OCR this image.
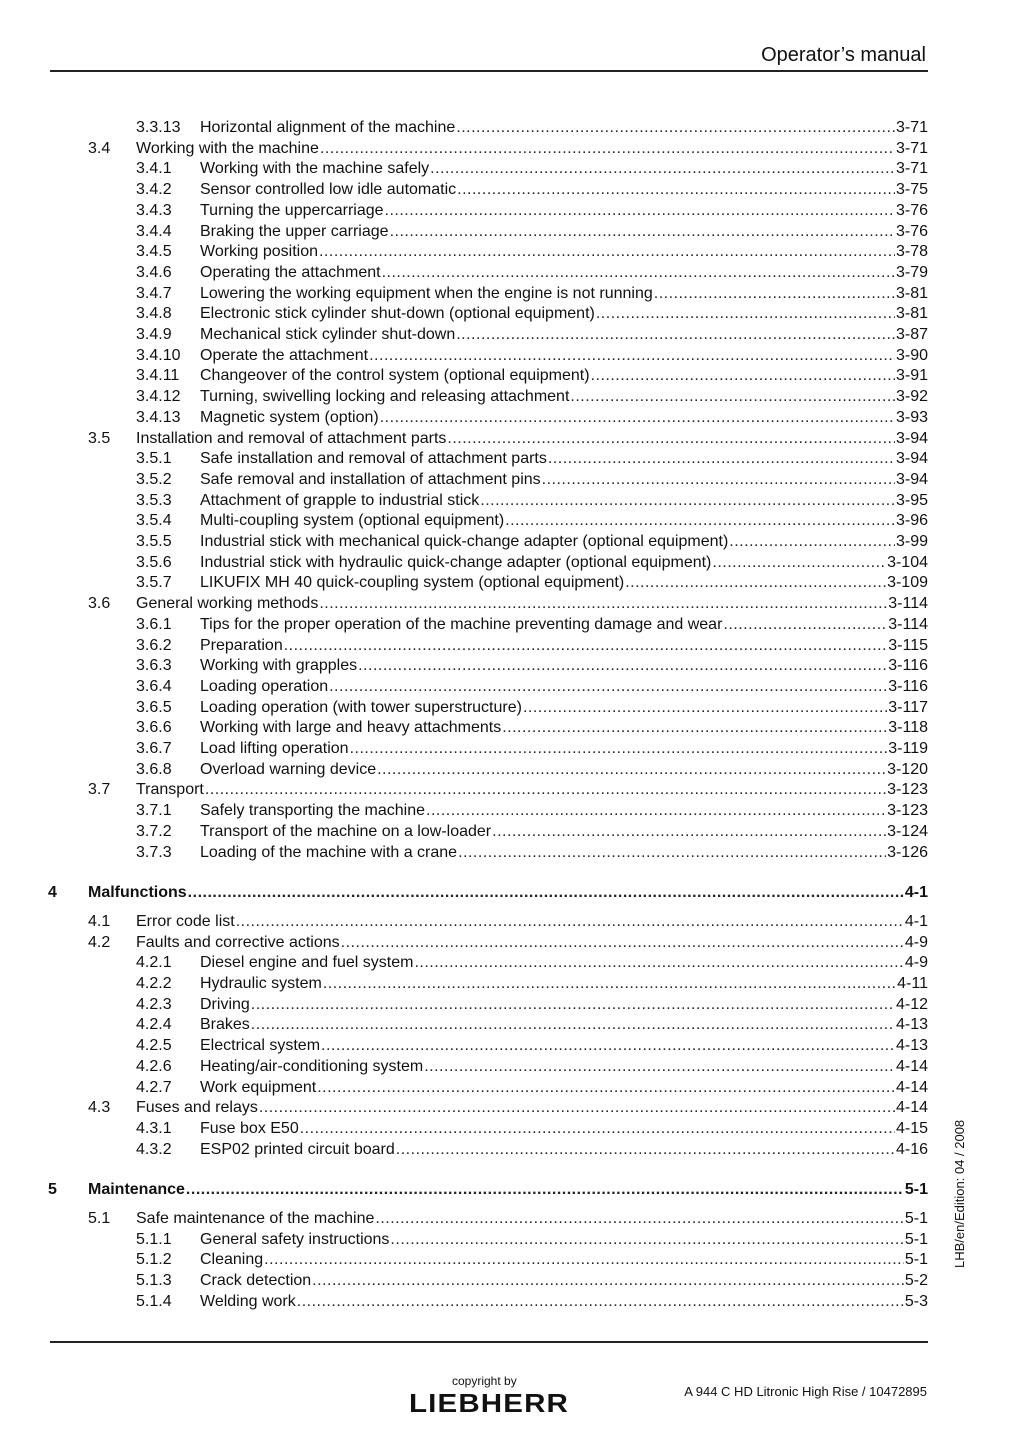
Operator’s manual
3.3.13 Horizontal alignment of the machine .....	3-71
3.4 Working with the machine .....	3-71
3.4.1 Working with the machine safely .....	3-71
3.4.2 Sensor controlled low idle automatic .....	3-75
3.4.3 Turning the uppercarriage .....	3-76
3.4.4 Braking the upper carriage .....	3-76
3.4.5 Working position .....	3-78
3.4.6 Operating the attachment .....	3-79
3.4.7 Lowering the working equipment when the engine is not running .....	3-81
3.4.8 Electronic stick cylinder shut-down (optional equipment) .....	3-81
3.4.9 Mechanical stick cylinder shut-down .....	3-87
3.4.10 Operate the attachment .....	3-90
3.4.11 Changeover of the control system (optional equipment) .....	3-91
3.4.12 Turning, swivelling locking and releasing attachment .....	3-92
3.4.13 Magnetic system (option) .....	3-93
3.5 Installation and removal of attachment parts .....	3-94
3.5.1 Safe installation and removal of attachment parts .....	3-94
3.5.2 Safe removal and installation of attachment pins .....	3-94
3.5.3 Attachment of grapple to industrial stick .....	3-95
3.5.4 Multi-coupling system (optional equipment) .....	3-96
3.5.5 Industrial stick with mechanical quick-change adapter (optional equipment) .....	3-99
3.5.6 Industrial stick with hydraulic quick-change adapter (optional equipment) .....	3-104
3.5.7 LIKUFIX MH 40 quick-coupling system (optional equipment) .....	3-109
3.6 General working methods .....	3-114
3.6.1 Tips for the proper operation of the machine preventing damage and wear .....	3-114
3.6.2 Preparation .....	3-115
3.6.3 Working with grapples .....	3-116
3.6.4 Loading operation .....	3-116
3.6.5 Loading operation (with tower superstructure) .....	3-117
3.6.6 Working with large and heavy attachments .....	3-118
3.6.7 Load lifting operation .....	3-119
3.6.8 Overload warning device .....	3-120
3.7 Transport .....	3-123
3.7.1 Safely transporting the machine .....	3-123
3.7.2 Transport of the machine on a low-loader .....	3-124
3.7.3 Loading of the machine with a crane .....	3-126
4 Malfunctions .....	4-1
4.1 Error code list .....	4-1
4.2 Faults and corrective actions .....	4-9
4.2.1 Diesel engine and fuel system .....	4-9
4.2.2 Hydraulic system .....	4-11
4.2.3 Driving .....	4-12
4.2.4 Brakes .....	4-13
4.2.5 Electrical system .....	4-13
4.2.6 Heating/air-conditioning system .....	4-14
4.2.7 Work equipment .....	4-14
4.3 Fuses and relays .....	4-14
4.3.1 Fuse box E50 .....	4-15
4.3.2 ESP02 printed circuit board .....	4-16
5 Maintenance .....	5-1
5.1 Safe maintenance of the machine .....	5-1
5.1.1 General safety instructions .....	5-1
5.1.2 Cleaning .....	5-1
5.1.3 Crack detection .....	5-2
5.1.4 Welding work .....	5-3
LHB/en/Edition: 04 / 2008
copyright by
LIEBHERR	A 944 C HD Litronic High Rise / 10472895
